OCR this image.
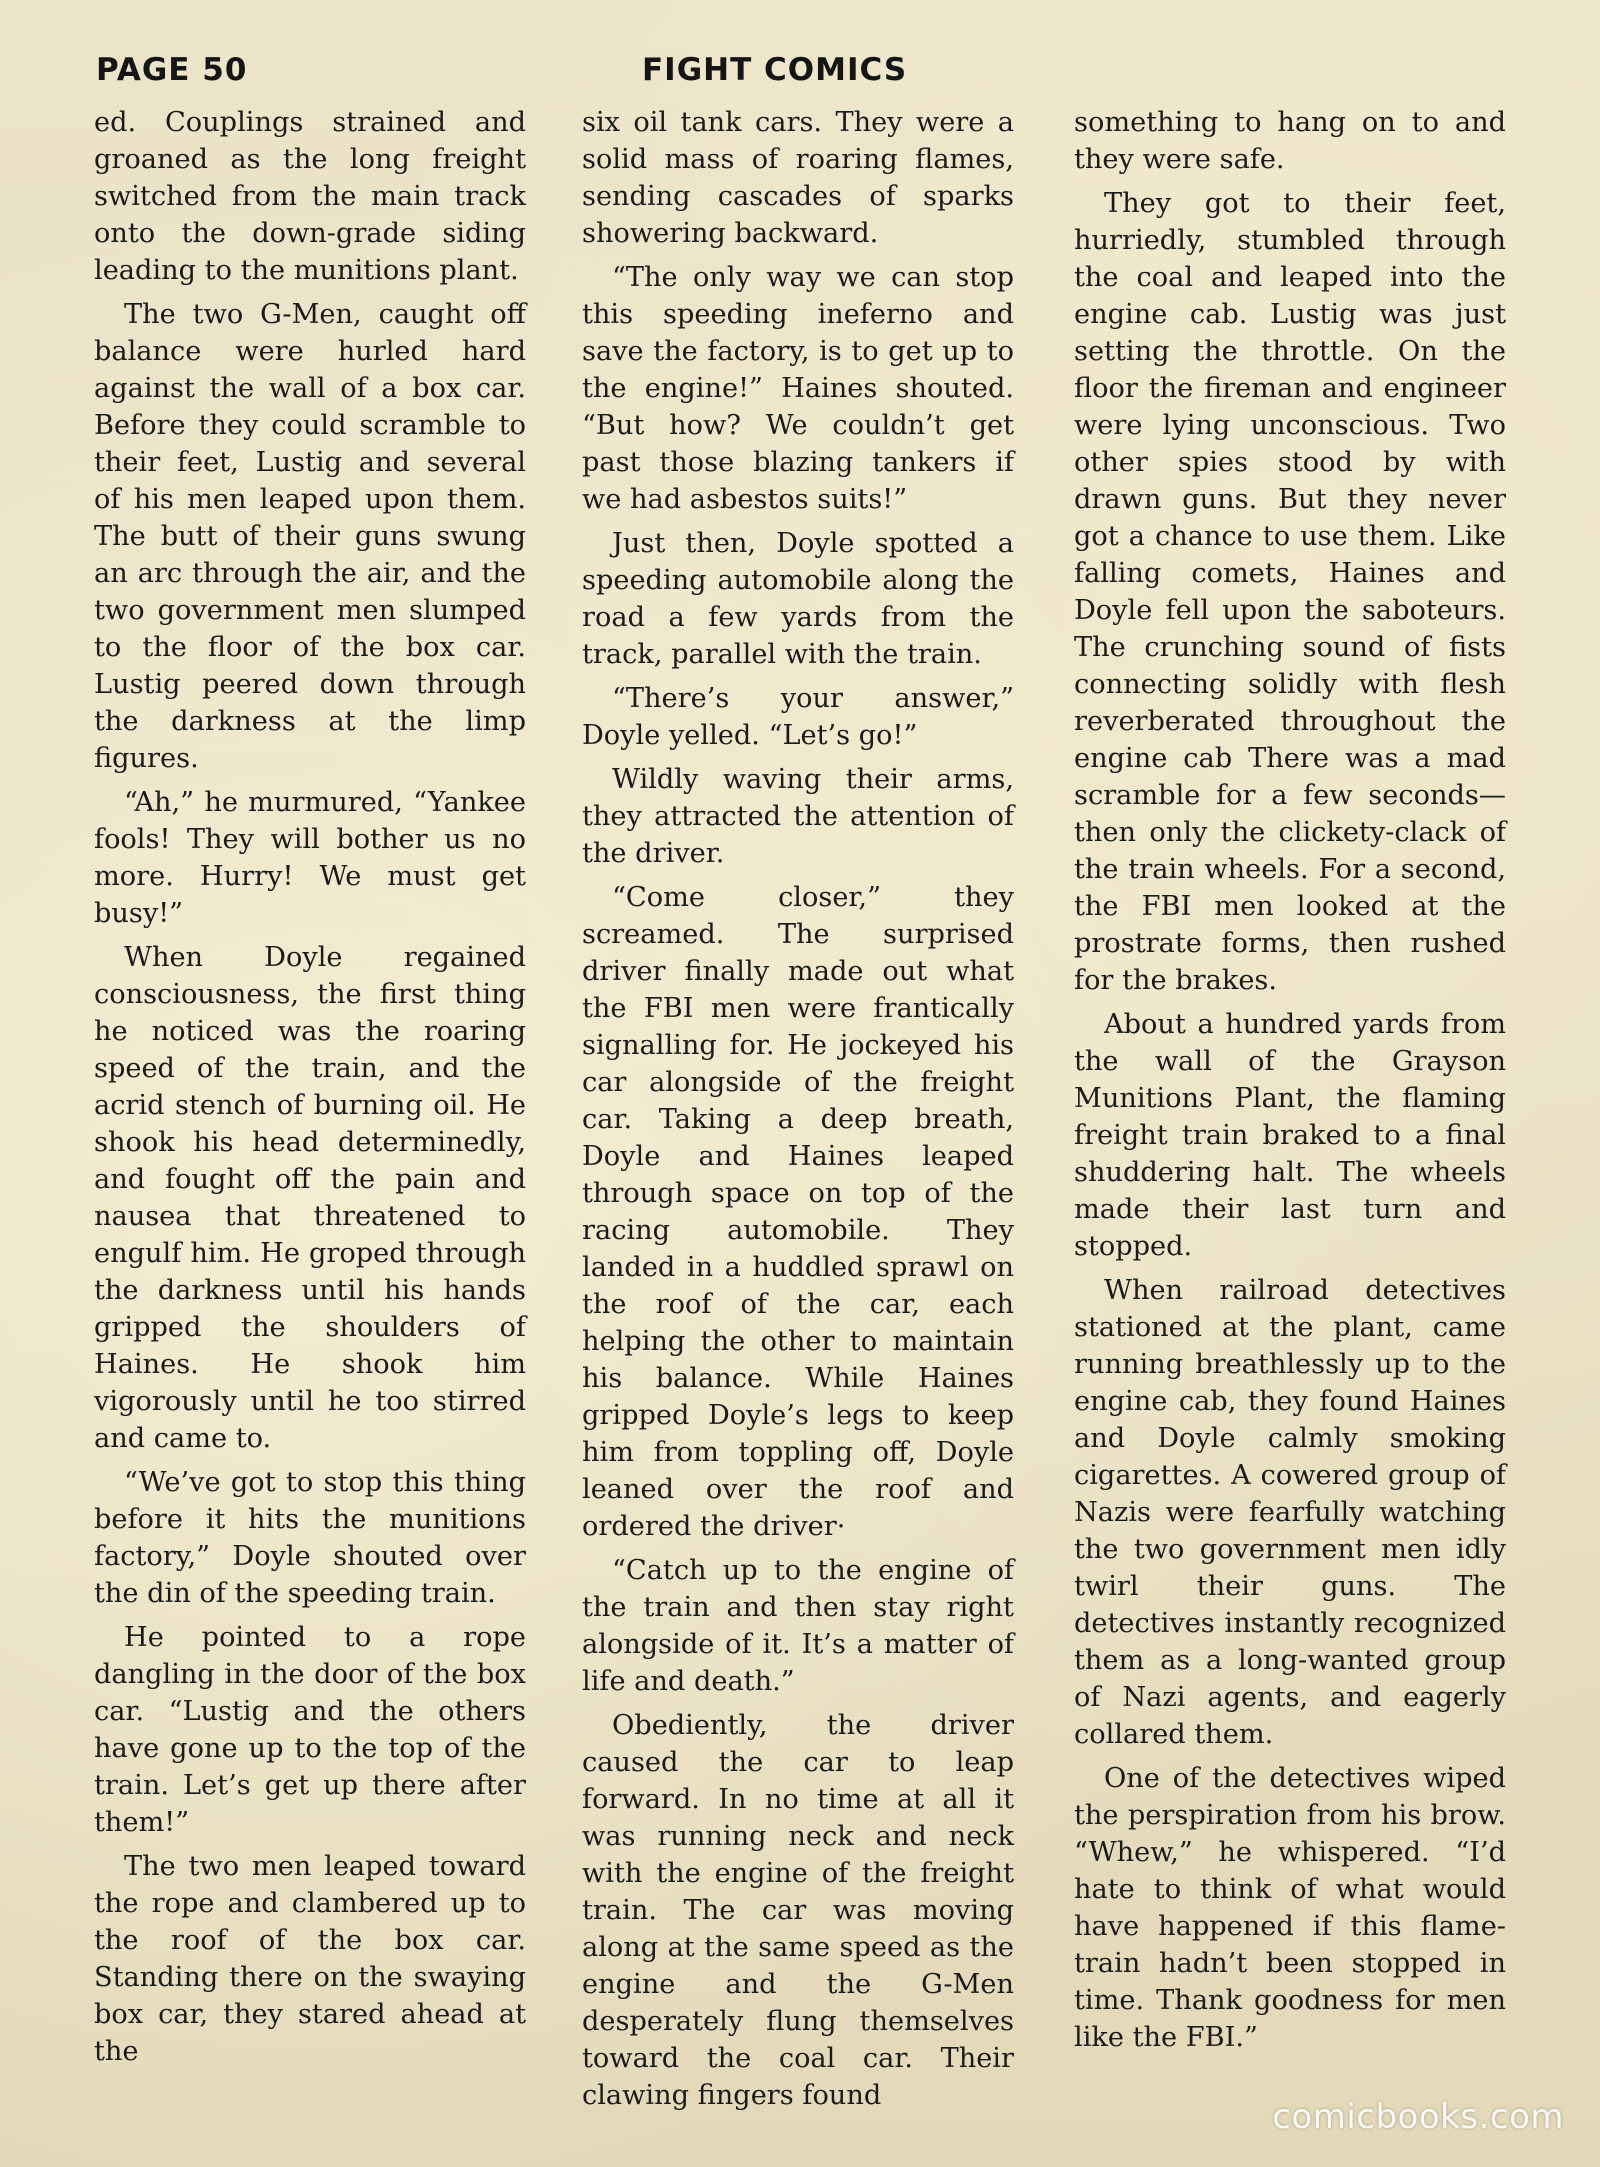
PAGE 50	FIGHT COMICS

ed. Couplings strained and groaned as the long freight switched from the main track onto the down-grade siding leading to the munitions plant.

The two G-Men, caught off balance were hurled hard against the wall of a box car. Before they could scramble to their feet, Lustig and several of his men leaped upon them. The butt of their guns swung an arc through the air, and the two government men slumped to the floor of the box car. Lustig peered down through the darkness at the limp figures.

“Ah,” he murmured, “Yankee fools! They will bother us no more. Hurry! We must get busy!”

When Doyle regained consciousness, the first thing he noticed was the roaring speed of the train, and the acrid stench of burning oil. He shook his head determinedly, and fought off the pain and nausea that threatened to engulf him. He groped through the darkness until his hands gripped the shoulders of Haines. He shook him vigorously until he too stirred and came to.

“We’ve got to stop this thing before it hits the munitions factory,” Doyle shouted over the din of the speeding train.

He pointed to a rope dangling in the door of the box car. “Lustig and the others have gone up to the top of the train. Let’s get up there after them!”

The two men leaped toward the rope and clambered up to the roof of the box car. Standing there on the swaying box car, they stared ahead at the

six oil tank cars. They were a solid mass of roaring flames, sending cascades of sparks showering backward.

“The only way we can stop this speeding ineferno and save the factory, is to get up to the engine!” Haines shouted. “But how? We couldn’t get past those blazing tankers if we had asbestos suits!”

Just then, Doyle spotted a speeding automobile along the road a few yards from the track, parallel with the train.

“There’s your answer,” Doyle yelled. “Let’s go!”

Wildly waving their arms, they attracted the attention of the driver.

“Come closer,” they screamed. The surprised driver finally made out what the FBI men were frantically signalling for. He jockeyed his car alongside of the freight car. Taking a deep breath, Doyle and Haines leaped through space on top of the racing automobile. They landed in a huddled sprawl on the roof of the car, each helping the other to maintain his balance. While Haines gripped Doyle’s legs to keep him from toppling off, Doyle leaned over the roof and ordered the driver·

“Catch up to the engine of the train and then stay right alongside of it. It’s a matter of life and death.”

Obediently, the driver caused the car to leap forward. In no time at all it was running neck and neck with the engine of the freight train. The car was moving along at the same speed as the engine and the G-Men desperately flung themselves toward the coal car. Their clawing fingers found

something to hang on to and they were safe.

They got to their feet, hurriedly, stumbled through the coal and leaped into the engine cab. Lustig was just setting the throttle. On the floor the fireman and engineer were lying unconscious. Two other spies stood by with drawn guns. But they never got a chance to use them. Like falling comets, Haines and Doyle fell upon the saboteurs. The crunching sound of fists connecting solidly with flesh reverberated throughout the engine cab There was a mad scramble for a few seconds—then only the clickety-clack of the train wheels. For a second, the FBI men looked at the prostrate forms, then rushed for the brakes.

About a hundred yards from the wall of the Grayson Munitions Plant, the flaming freight train braked to a final shuddering halt. The wheels made their last turn and stopped.

When railroad detectives stationed at the plant, came running breathlessly up to the engine cab, they found Haines and Doyle calmly smoking cigarettes. A cowered group of Nazis were fearfully watching the two government men idly twirl their guns. The detectives instantly recognized them as a long-wanted group of Nazi agents, and eagerly collared them.

One of the detectives wiped the perspiration from his brow. “Whew,” he whispered. “I’d hate to think of what would have happened if this flame-train hadn’t been stopped in time. Thank goodness for men like the FBI.”

comicbooks.com
